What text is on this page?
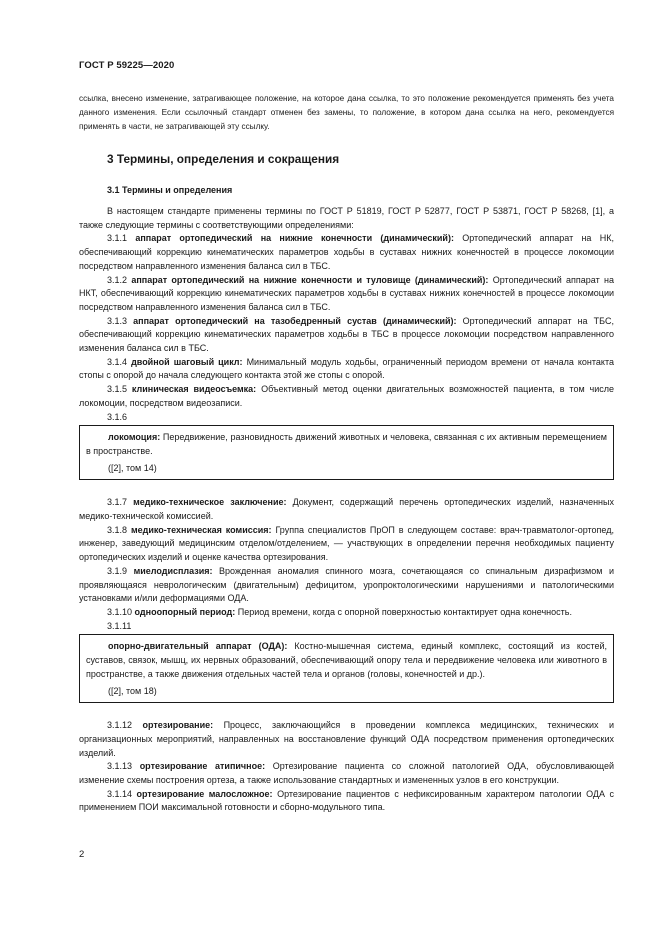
ГОСТ Р 59225—2020
ссылка, внесено изменение, затрагивающее положение, на которое дана ссылка, то это положение рекомендуется применять без учета данного изменения. Если ссылочный стандарт отменен без замены, то положение, в котором дана ссылка на него, рекомендуется применять в части, не затрагивающей эту ссылку.
3 Термины, определения и сокращения
3.1 Термины и определения

В настоящем стандарте применены термины по ГОСТ Р 51819, ГОСТ Р 52877, ГОСТ Р 53871, ГОСТ Р 58268, [1], а также следующие термины с соответствующими определениями:

3.1.1 аппарат ортопедический на нижние конечности (динамический): Ортопедический аппарат на НК, обеспечивающий коррекцию кинематических параметров ходьбы в суставах нижних конечностей в процессе локомоции посредством направленного изменения баланса сил в ТБС.

3.1.2 аппарат ортопедический на нижние конечности и туловище (динамический): Ортопедический аппарат на НКТ, обеспечивающий коррекцию кинематических параметров ходьбы в суставах нижних конечностей в процессе локомоции посредством направленного изменения баланса сил в ТБС.

3.1.3 аппарат ортопедический на тазобедренный сустав (динамический): Ортопедический аппарат на ТБС, обеспечивающий коррекцию кинематических параметров ходьбы в ТБС в процессе локомоции посредством направленного изменения баланса сил в ТБС.

3.1.4 двойной шаговый цикл: Минимальный модуль ходьбы, ограниченный периодом времени от начала контакта стопы с опорой до начала следующего контакта этой же стопы с опорой.

3.1.5 клиническая видеосъемка: Объективный метод оценки двигательных возможностей пациента, в том числе локомоции, посредством видеозаписи.

3.1.6

локомоция: Передвижение, разновидность движений животных и человека, связанная с их активным перемещением в пространстве.

([2], том 14)

3.1.7 медико-техническое заключение: Документ, содержащий перечень ортопедических изделий, назначенных медико-технической комиссией.

3.1.8 медико-техническая комиссия: Группа специалистов ПрОП в следующем составе: врач-травматолог-ортопед, инженер, заведующий медицинским отделом/отделением, — участвующих в определении перечня необходимых пациенту ортопедических изделий и оценке качества ортезирования.

3.1.9 миелодисплазия: Врожденная аномалия спинного мозга, сочетающаяся со спинальным дизрафизмом и проявляющаяся неврологическим (двигательным) дефицитом, уропроктологическими нарушениями и патологическими установками и/или деформациями ОДА.

3.1.10 одноопорный период: Период времени, когда с опорной поверхностью контактирует одна конечность.

3.1.11

опорно-двигательный аппарат (ОДА): Костно-мышечная система, единый комплекс, состоящий из костей, суставов, связок, мышц, их нервных образований, обеспечивающий опору тела и передвижение человека или животного в пространстве, а также движения отдельных частей тела и органов (головы, конечностей и др.).

([2], том 18)

3.1.12 ортезирование: Процесс, заключающийся в проведении комплекса медицинских, технических и организационных мероприятий, направленных на восстановление функций ОДА посредством применения ортопедических изделий.

3.1.13 ортезирование атипичное: Ортезирование пациента со сложной патологией ОДА, обусловливающей изменение схемы построения ортеза, а также использование стандартных и измененных узлов в его конструкции.

3.1.14 ортезирование малосложное: Ортезирование пациентов с нефиксированным характером патологии ОДА с применением ПОИ максимальной готовности и сборно-модульного типа.

2
